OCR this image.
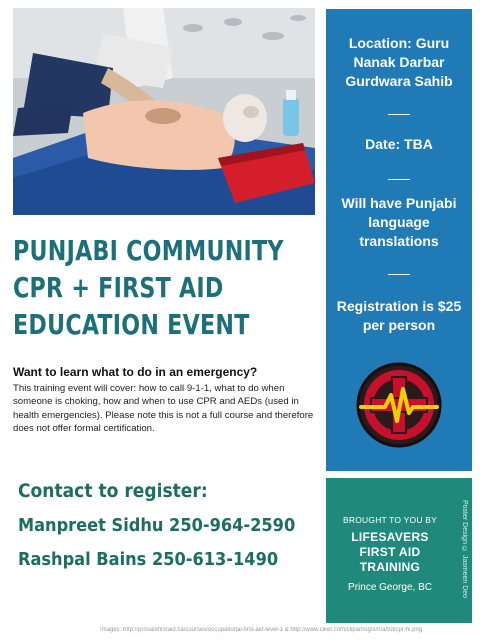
PUNJABI COMMUNITY
CPR + FIRST AID
EDUCATION EVENT
Want to learn what to do in an emergency?
This training event will cover: how to call 9-1-1, what to do when someone is choking, how and when to use CPR and AEDs (used in health emergencies). Please note this is not a full course and therefore does not offer formal certification.
Contact to register:
Manpreet Sidhu 250-964-2590
Rashpal Bains 250-613-1490
Location: Guru Nanak Darbar Gurdwara Sahib
Date: TBA
Will have Punjabi language translations
Registration is $25 per person
BROUGHT TO YOU BY
LIFESAVERS
FIRST AID
TRAINING
Prince George, BC	Poster Design © Jasmeen Deo
Images: http://prosafefirstaid.ca/courses/occupational-first-aid-level-1 & http://www.clker.com/cliparts/g/x/n/a/t/d/cpr-hi.png
